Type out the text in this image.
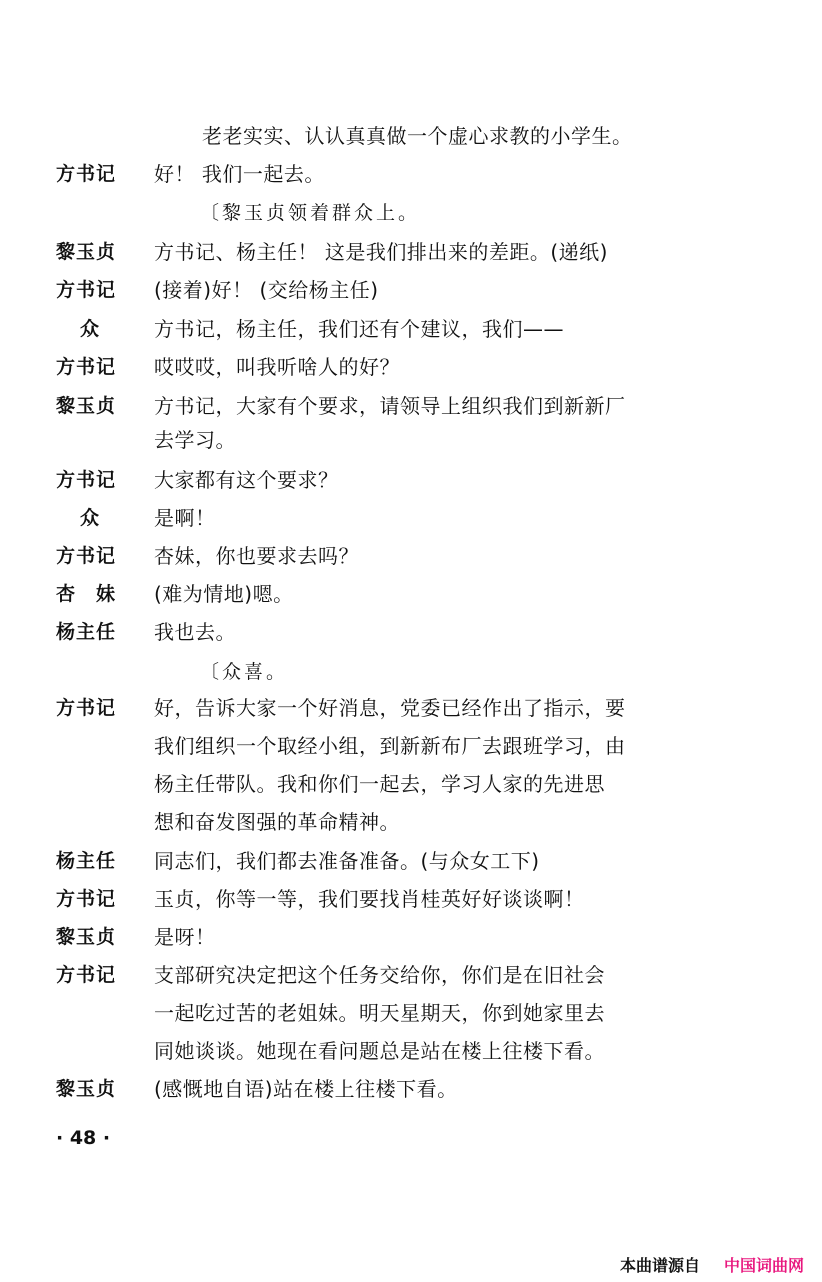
老老实实、认认真真做一个虚心求教的小学生。
方书记	好！ 我们一起去。
〔黎玉贞领着群众上。
黎玉贞	方书记、杨主任！ 这是我们排出来的差距。(递纸)
方书记	(接着)好！ (交给杨主任)
众	方书记，杨主任，我们还有个建议，我们——
方书记	哎哎哎，叫我听啥人的好？
黎玉贞	方书记，大家有个要求，请领导上组织我们到新新厂
去学习。
方书记	大家都有这个要求？
众	是啊！
方书记	杏妹，你也要求去吗？
杏　妹	(难为情地)嗯。
杨主任	我也去。
〔众喜。
方书记	好，告诉大家一个好消息，党委已经作出了指示，要
我们组织一个取经小组，到新新布厂去跟班学习，由
杨主任带队。我和你们一起去，学习人家的先进思
想和奋发图强的革命精神。
杨主任	同志们，我们都去准备准备。(与众女工下)
方书记	玉贞，你等一等，我们要找肖桂英好好谈谈啊！
黎玉贞	是呀！
方书记	支部研究决定把这个任务交给你，你们是在旧社会
一起吃过苦的老姐妹。明天星期天，你到她家里去
同她谈谈。她现在看问题总是站在楼上往楼下看。
黎玉贞	(感慨地自语)站在楼上往楼下看。
· 48 ·
本曲谱源自 中国词曲网
